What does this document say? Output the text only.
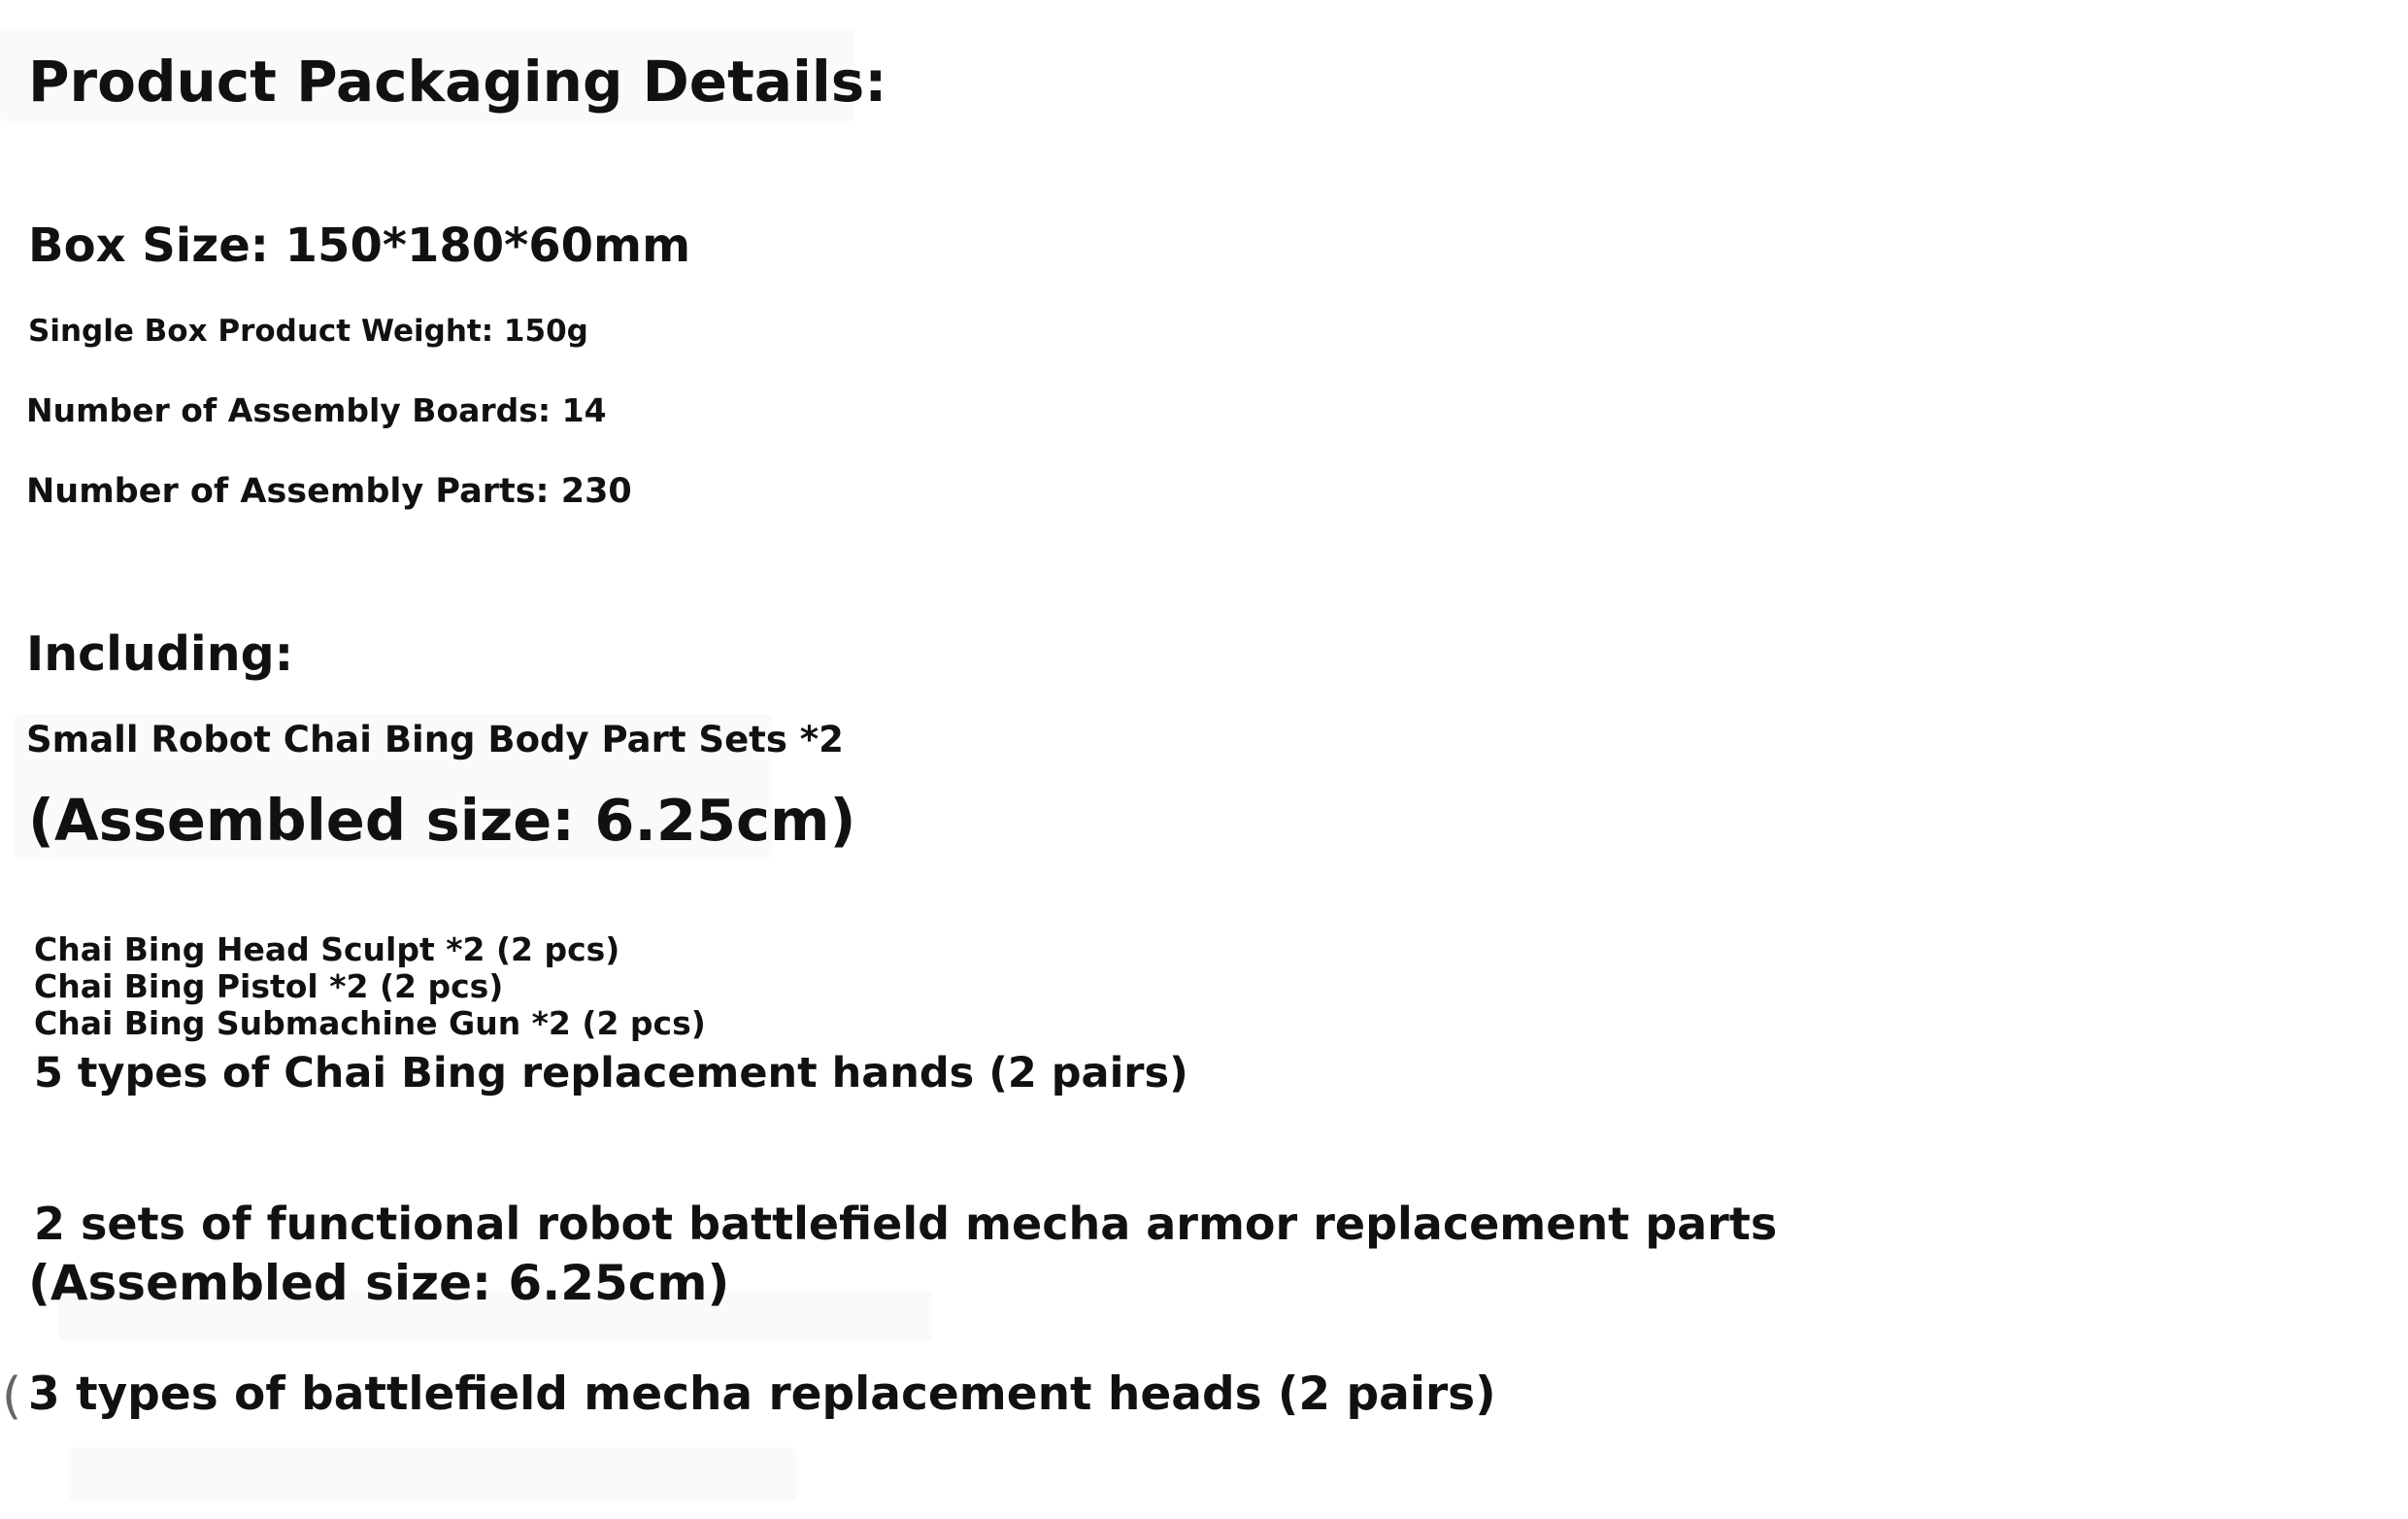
Product Packaging Details:
Box Size: 150*180*60mm
Single Box Product Weight: 150g
Number of Assembly Boards: 14
Number of Assembly Parts: 230
Including:
Small Robot Chai Bing Body Part Sets *2
(Assembled size: 6.25cm)
Chai Bing Head Sculpt *2 (2 pcs)
Chai Bing Pistol *2 (2 pcs)
Chai Bing Submachine Gun *2 (2 pcs)
5 types of Chai Bing replacement hands (2 pairs)
2 sets of functional robot battlefield mecha armor replacement parts
(Assembled size: 6.25cm)
( 3 types of battlefield mecha replacement heads (2 pairs)
